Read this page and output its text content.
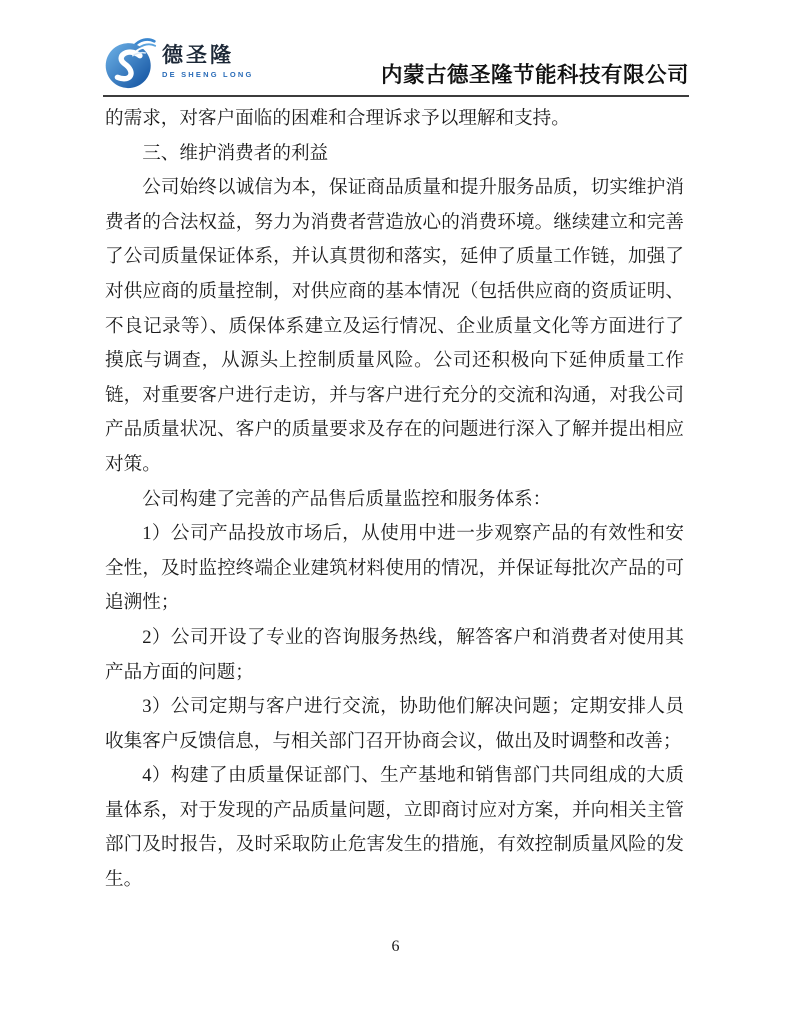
德圣隆
DE SHENG LONG	内蒙古德圣隆节能科技有限公司

的需求，对客户面临的困难和合理诉求予以理解和支持。

三、维护消费者的利益

公司始终以诚信为本，保证商品质量和提升服务品质，切实维护消费者的合法权益，努力为消费者营造放心的消费环境。继续建立和完善了公司质量保证体系，并认真贯彻和落实，延伸了质量工作链，加强了对供应商的质量控制，对供应商的基本情况（包括供应商的资质证明、不良记录等）、质保体系建立及运行情况、企业质量文化等方面进行了摸底与调查，从源头上控制质量风险。公司还积极向下延伸质量工作链，对重要客户进行走访，并与客户进行充分的交流和沟通，对我公司产品质量状况、客户的质量要求及存在的问题进行深入了解并提出相应对策。

公司构建了完善的产品售后质量监控和服务体系：

1）公司产品投放市场后，从使用中进一步观察产品的有效性和安全性，及时监控终端企业建筑材料使用的情况，并保证每批次产品的可追溯性；

2）公司开设了专业的咨询服务热线，解答客户和消费者对使用其产品方面的问题；

3）公司定期与客户进行交流，协助他们解决问题；定期安排人员收集客户反馈信息，与相关部门召开协商会议，做出及时调整和改善；

4）构建了由质量保证部门、生产基地和销售部门共同组成的大质量体系，对于发现的产品质量问题，立即商讨应对方案，并向相关主管部门及时报告，及时采取防止危害发生的措施，有效控制质量风险的发生。

6
